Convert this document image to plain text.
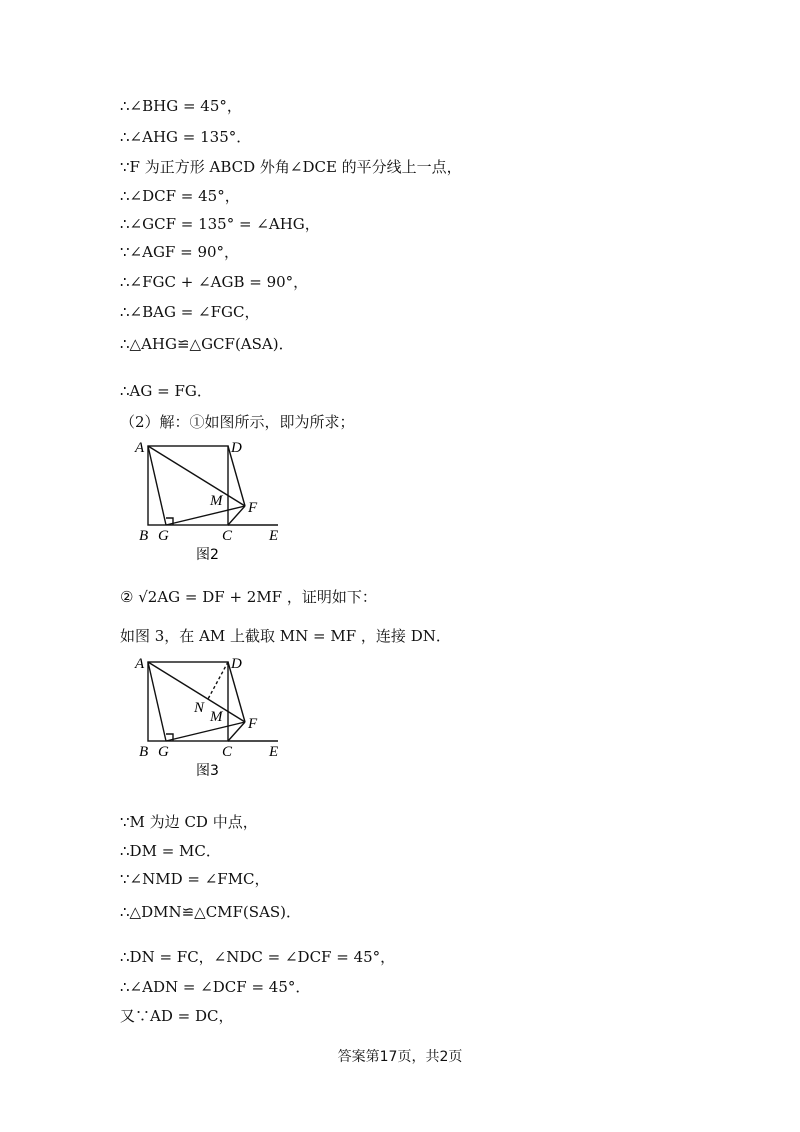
∴∠BHG = 45°，
∴∠AHG = 135°．
∵F 为正方形 ABCD 外角∠DCE 的平分线上一点，
∴∠DCF = 45°，
∴∠GCF = 135° = ∠AHG，
∵∠AGF = 90°，
∴∠FGC + ∠AGB = 90°，
∴∠BAG = ∠FGC，
∴△AHG≌△GCF(ASA)．
∴AG = FG．
（2）解：①如图所示，即为所求；
A	D
M F
B G	C E
图2
② √2AG = DF + 2MF ，证明如下：
如图 3，在 AM 上截取 MN = MF ，连接 DN．
A	D
N
M F
B G	C E
图3
∵M 为边 CD 中点，
∴DM = MC．
∵∠NMD = ∠FMC，
∴△DMN≌△CMF(SAS)．
∴DN = FC，∠NDC = ∠DCF = 45°，
∴∠ADN = ∠DCF = 45°．
又∵AD = DC，
答案第17页，共2页
